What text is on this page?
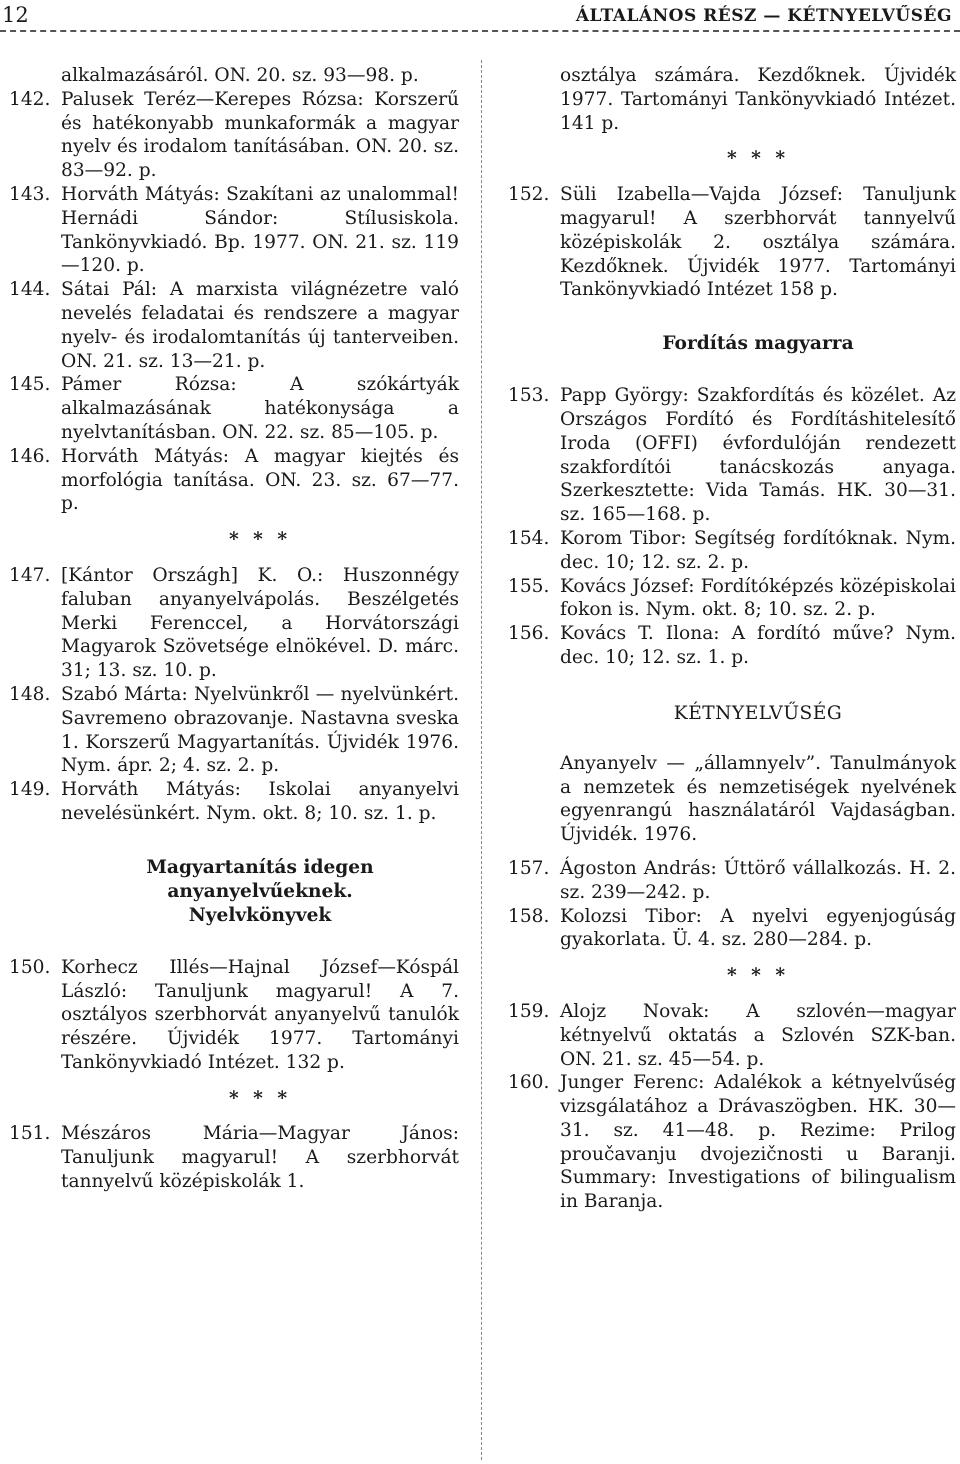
12	ÁLTALÁNOS RÉSZ — KÉTNYELVŰSÉG

alkalmazásáról. ON. 20. sz. 93—98. p.

142. Palusek Teréz—Kerepes Rózsa: Korszerű és hatékonyabb munkaformák a magyar nyelv és irodalom tanításában. ON. 20. sz. 83—92. p.

143. Horváth Mátyás: Szakítani az unalommal! Hernádi Sándor: Stílusiskola. Tankönyvkiadó. Bp. 1977. ON. 21. sz. 119—120. p.

144. Sátai Pál: A marxista világnézetre való nevelés feladatai és rendszere a magyar nyelv- és irodalomtanítás új tanterveiben. ON. 21. sz. 13—21. p.

145. Pámer Rózsa: A szókártyák alkalmazásának hatékonysága a nyelvtanításban. ON. 22. sz. 85—105. p.

146. Horváth Mátyás: A magyar kiejtés és morfológia tanítása. ON. 23. sz. 67—77. p.

* * *

147. [Kántor Országh] K. O.: Huszonnégy faluban anyanyelvápolás. Beszélgetés Merki Ferenccel, a Horvátországi Magyarok Szövetsége elnökével. D. márc. 31; 13. sz. 10. p.

148. Szabó Márta: Nyelvünkről — nyelvünkért. Savremeno obrazovanje. Nastavna sveska 1. Korszerű Magyartanítás. Újvidék 1976. Nym. ápr. 2; 4. sz. 2. p.

149. Horváth Mátyás: Iskolai anyanyelvi nevelésünkért. Nym. okt. 8; 10. sz. 1. p.

Magyartanítás idegen
anyanyelvűeknek.
Nyelvkönyvek

150. Korhecz Illés—Hajnal József—Kóspál László: Tanuljunk magyarul! A 7. osztályos szerbhorvát anyanyelvű tanulók részére. Újvidék 1977. Tartományi Tankönyvkiadó Intézet. 132 p.

* * *

151. Mészáros Mária—Magyar János: Tanuljunk magyarul! A szerbhorvát tannyelvű középiskolák 1.

osztálya számára. Kezdőknek. Újvidék 1977. Tartományi Tankönyvkiadó Intézet. 141 p.

* * *

152. Süli Izabella—Vajda József: Tanuljunk magyarul! A szerbhorvát tannyelvű középiskolák 2. osztálya számára. Kezdőknek. Újvidék 1977. Tartományi Tankönyvkiadó Intézet 158 p.

Fordítás magyarra

153. Papp György: Szakfordítás és közélet. Az Országos Fordító és Fordításhitelesítő Iroda (OFFI) évfordulóján rendezett szakfordítói tanácskozás anyaga. Szerkesztette: Vida Tamás. HK. 30—31. sz. 165—168. p.

154. Korom Tibor: Segítség fordítóknak. Nym. dec. 10; 12. sz. 2. p.

155. Kovács József: Fordítóképzés középiskolai fokon is. Nym. okt. 8; 10. sz. 2. p.

156. Kovács T. Ilona: A fordító műve? Nym. dec. 10; 12. sz. 1. p.

KÉTNYELVŰSÉG

Anyanyelv — „államnyelv”. Tanulmányok a nemzetek és nemzetiségek nyelvének egyenrangú használatáról Vajdaságban. Újvidék. 1976.

157. Ágoston András: Úttörő vállalkozás. H. 2. sz. 239—242. p.

158. Kolozsi Tibor: A nyelvi egyenjogúság gyakorlata. Ü. 4. sz. 280—284. p.

* * *

159. Alojz Novak: A szlovén—magyar kétnyelvű oktatás a Szlovén SZK-ban. ON. 21. sz. 45—54. p.

160. Junger Ferenc: Adalékok a kétnyelvűség vizsgálatához a Drávaszögben. HK. 30—31. sz. 41—48. p. Rezime: Prilog proučavanju dvojezičnosti u Baranji. Summary: Investigations of bilingualism in Baranja.
